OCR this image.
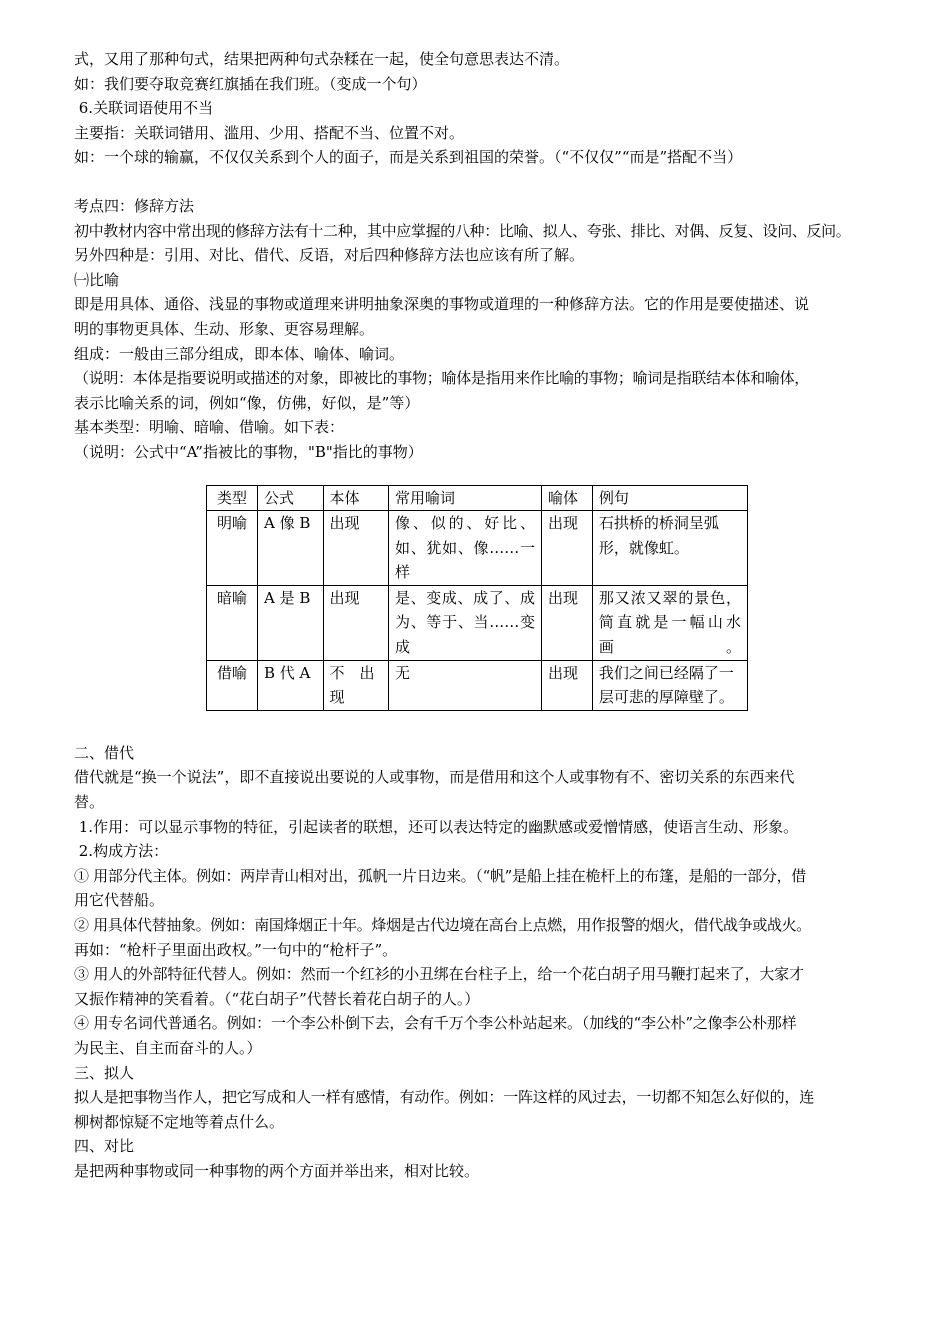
式，又用了那种句式，结果把两种句式杂糅在一起，使全句意思表达不清。
如：我们要夺取竞赛红旗插在我们班。（变成一个句）
6.关联词语使用不当
主要指：关联词错用、滥用、少用、搭配不当、位置不对。
如：一个球的输赢，不仅仅关系到个人的面子，而是关系到祖国的荣誉。（“不仅仅”“而是”搭配不当）
考点四：修辞方法
初中教材内容中常出现的修辞方法有十二种，其中应掌握的八种：比喻、拟人、夸张、排比、对偶、反复、设问、反问。
另外四种是：引用、对比、借代、反语，对后四种修辞方法也应该有所了解。
㈠比喻
即是用具体、通俗、浅显的事物或道理来讲明抽象深奥的事物或道理的一种修辞方法。它的作用是要使描述、说
明的事物更具体、生动、形象、更容易理解。
组成：一般由三部分组成，即本体、喻体、喻词。
（说明：本体是指要说明或描述的对象，即被比的事物；喻体是指用来作比喻的事物；喻词是指联结本体和喻体，
表示比喻关系的词，例如“像，仿佛，好似，是”等）
基本类型：明喻、暗喻、借喻。如下表：
（说明：公式中“A”指被比的事物，"B"指比的事物）
类型	公式	本体	常用喻词	喻体	例句
明喻	A 像 B	出现	像、似的、好比、如、犹如、像……一样	出现	石拱桥的桥洞呈弧形，就像虹。
暗喻	A 是 B	出现	是、变成、成了、成为、等于、当……变成	出现	那又浓又翠的景色，简直就是一幅山水画。
借喻	B 代 A	不　出现	无	出现	我们之间已经隔了一层可悲的厚障壁了。
二、借代
借代就是“换一个说法”，即不直接说出要说的人或事物，而是借用和这个人或事物有不、密切关系的东西来代
替。
1.作用：可以显示事物的特征，引起读者的联想，还可以表达特定的幽默感或爱憎情感，使语言生动、形象。
2.构成方法：
① 用部分代主体。例如：两岸青山相对出，孤帆一片日边来。（“帆”是船上挂在桅杆上的布篷，是船的一部分，借
用它代替船。
② 用具体代替抽象。例如：南国烽烟正十年。烽烟是古代边境在高台上点燃，用作报警的烟火，借代战争或战火。
再如：“枪杆子里面出政权。”一句中的“枪杆子”。
③ 用人的外部特征代替人。例如：然而一个红衫的小丑绑在台柱子上，给一个花白胡子用马鞭打起来了，大家才
又振作精神的笑看着。（“花白胡子”代替长着花白胡子的人。）
④ 用专名词代普通名。例如：一个李公朴倒下去，会有千万个李公朴站起来。（加线的“李公朴”之像李公朴那样
为民主、自主而奋斗的人。）
三、拟人
拟人是把事物当作人，把它写成和人一样有感情，有动作。例如：一阵这样的风过去，一切都不知怎么好似的，连
柳树都惊疑不定地等着点什么。
四、对比
是把两种事物或同一种事物的两个方面并举出来，相对比较。
